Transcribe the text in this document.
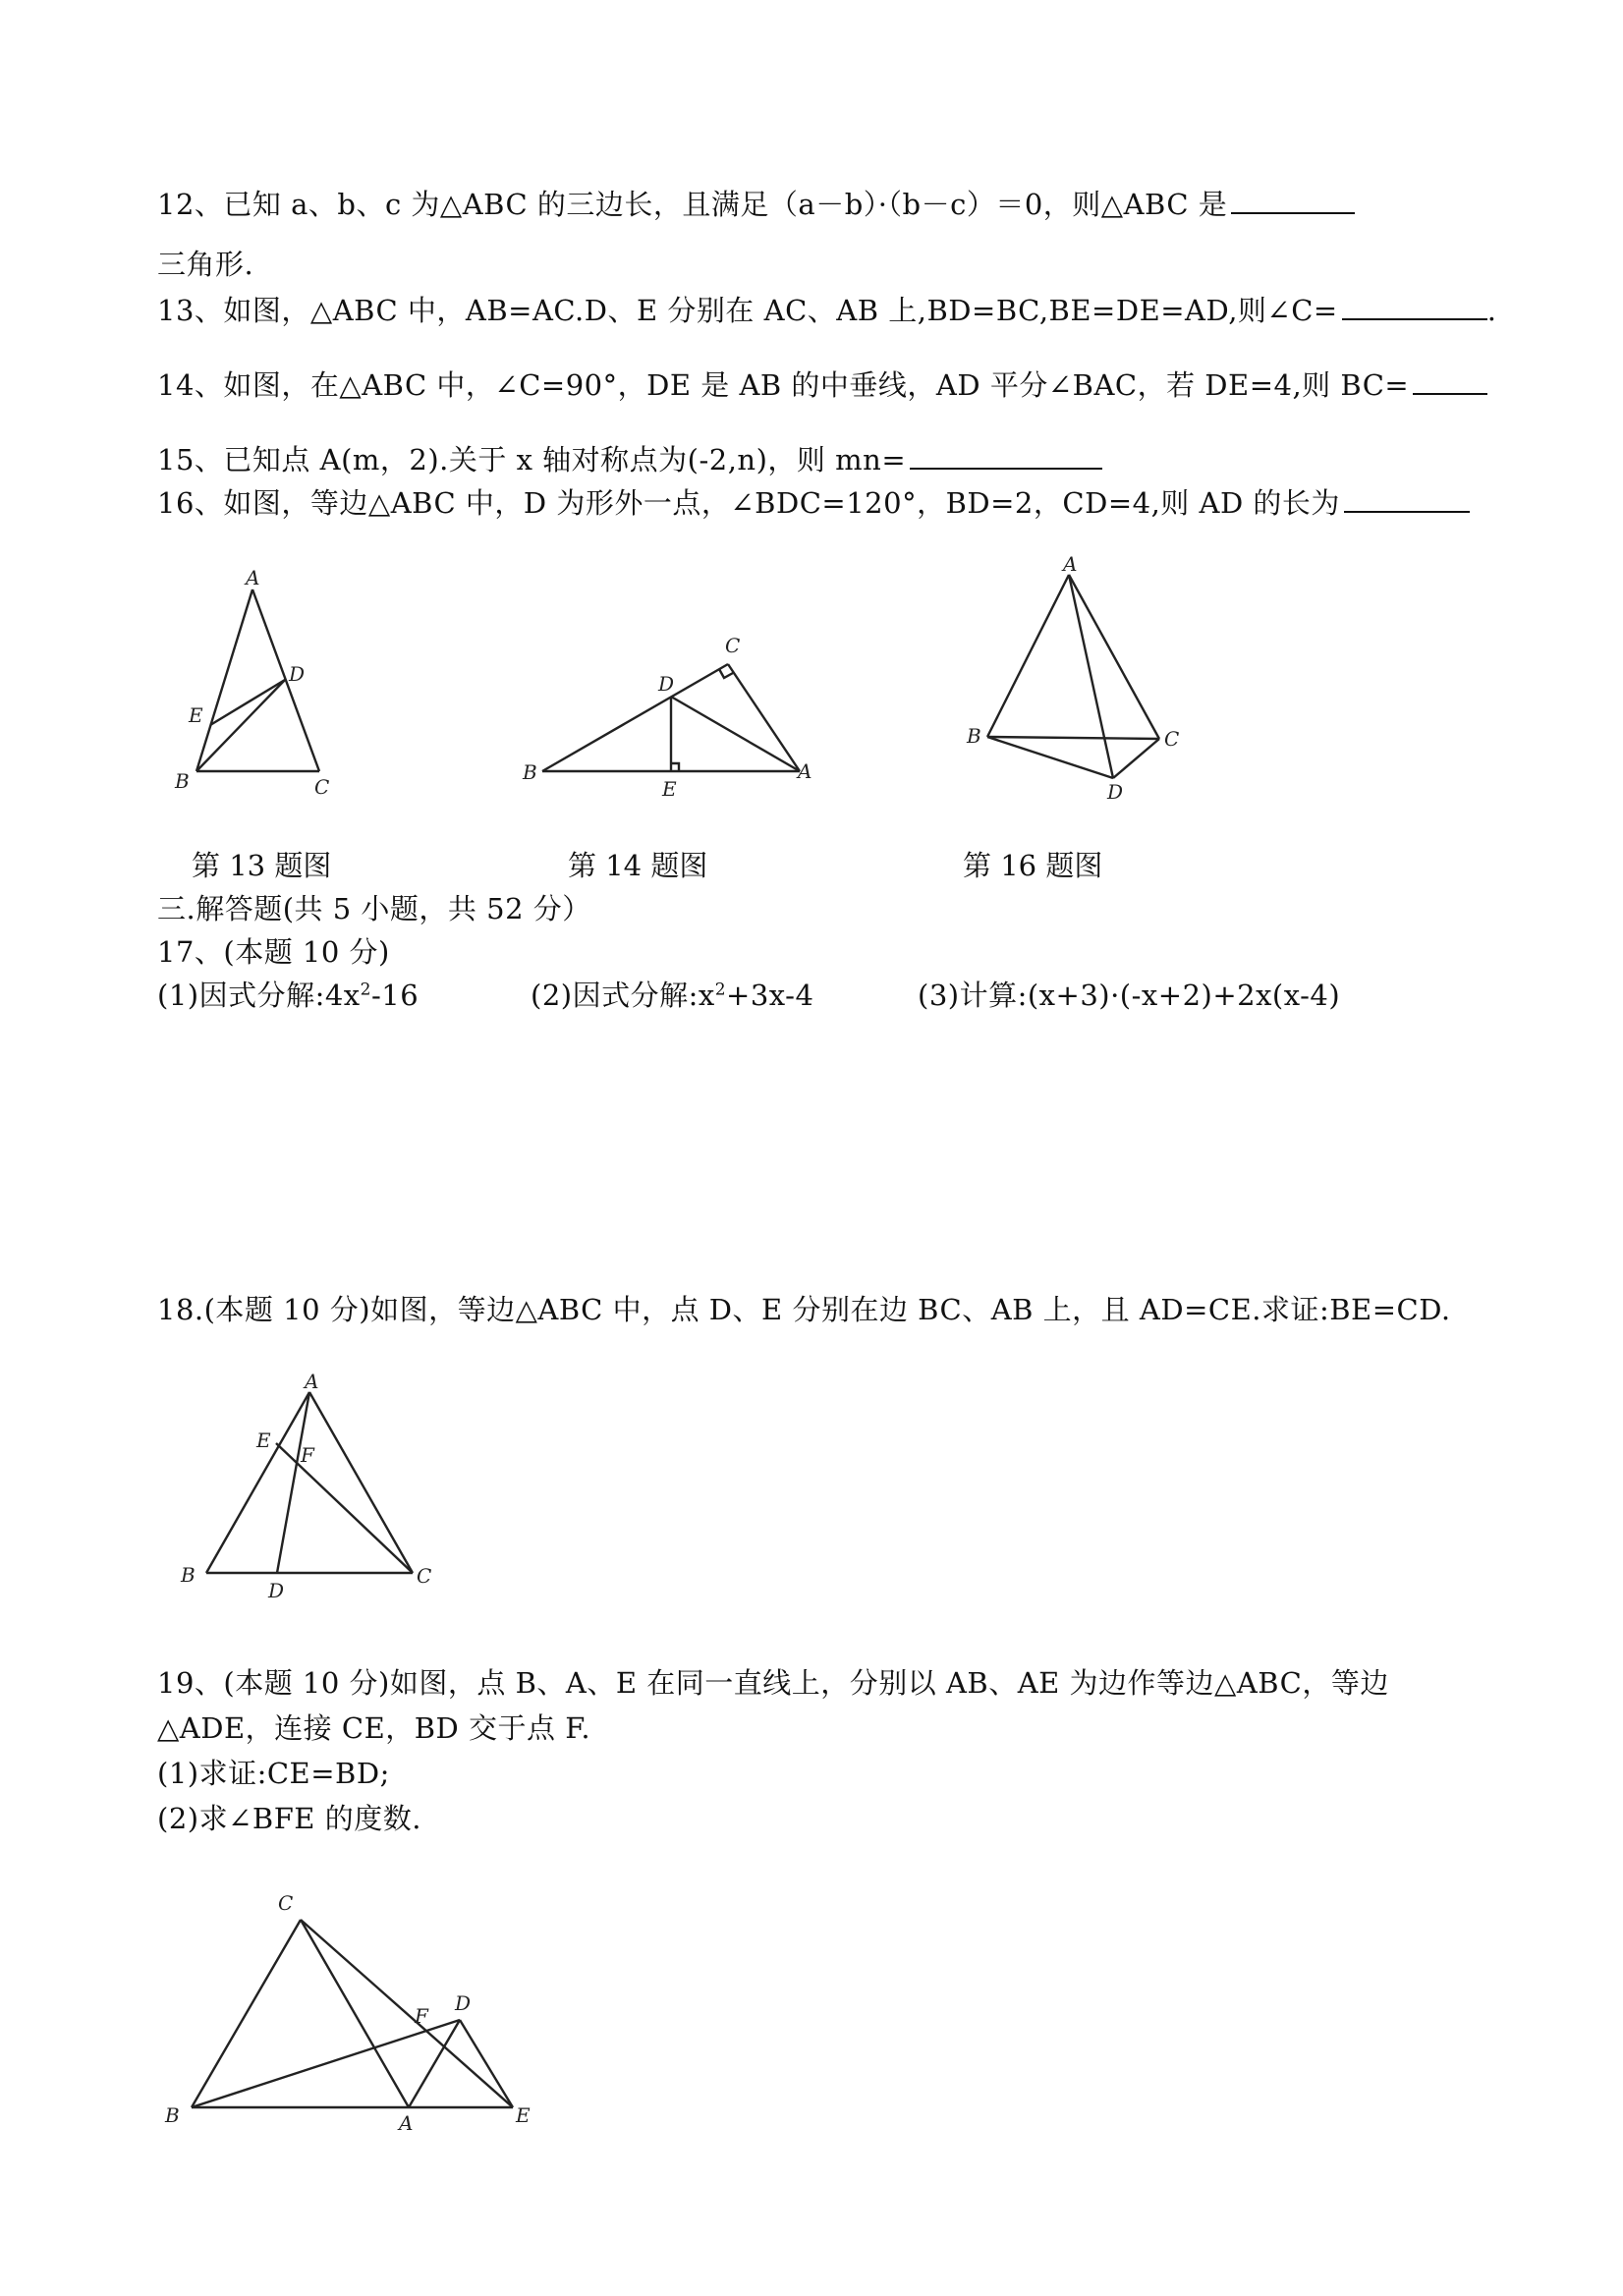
12、已知 a、b、c 为△ABC 的三边长，且满足（a－b）·（b－c）＝0，则△ABC 是
三角形.
13、如图，△ABC 中，AB=AC.D、E 分别在 AC、AB 上,BD=BC,BE=DE=AD,则∠C=	.
14、如图，在△ABC 中，∠C=90°，DE 是 AB 的中垂线，AD 平分∠BAC，若 DE=4,则 BC=
15、已知点 A(m，2).关于 x 轴对称点为(-2,n)，则 mn=
16、如图，等边△ABC 中，D 为形外一点，∠BDC=120°，BD=2，CD=4,则 AD 的长为
A
B	C
D
E
C
D
B
E
A
A
B	C
D
第 13 题图	第 14 题图	第 16 题图
三.解答题(共 5 小题，共 52 分）
17、(本题 10 分)
(1)因式分解$:4x^2-16$	(2)因式分解$:x^2+3x-4$	(3)计算:(x+3)·(-x+2)+2x(x-4)
18.(本题 10 分)如图，等边△ABC 中，点 D、E 分别在边 BC、AB 上，且 AD=CE.求证:BE=CD.
A
E
F
B
D
C
19、(本题 10 分)如图，点 B、A、E 在同一直线上，分别以 AB、AE 为边作等边△ABC，等边
△ADE，连接 CE，BD 交于点 F.
(1)求证:CE=BD;
(2)求∠BFE 的度数.
C
F
D
B	A	E
